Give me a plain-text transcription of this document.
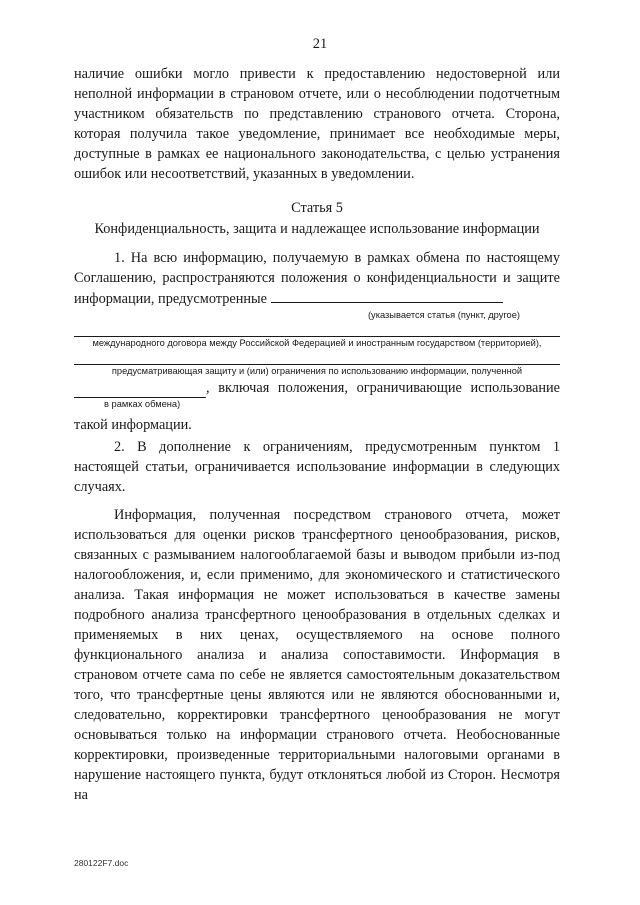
21

наличие ошибки могло привести к предоставлению недостоверной или неполной информации в страновом отчете, или о несоблюдении подотчетным участником обязательств по представлению странового отчета. Сторона, которая получила такое уведомление, принимает все необходимые меры, доступные в рамках ее национального законодательства, с целью устранения ошибок или несоответствий, указанных в уведомлении.

Статья 5
Конфиденциальность, защита и надлежащее использование информации

1. На всю информацию, получаемую в рамках обмена по настоящему Соглашению, распространяются положения о конфиденциальности и защите информации, предусмотренные

(указывается статья (пункт, другое)
международного договора между Российской Федерацией и иностранным государством (территорией),
предусматривающая защиту и (или) ограничения по использованию информации, полученной
, включая положения, ограничивающие использование
в рамках обмена)

такой информации.

2. В дополнение к ограничениям, предусмотренным пунктом 1 настоящей статьи, ограничивается использование информации в следующих случаях.

Информация, полученная посредством странового отчета, может использоваться для оценки рисков трансфертного ценообразования, рисков, связанных с размыванием налогооблагаемой базы и выводом прибыли из-под налогообложения, и, если применимо, для экономического и статистического анализа. Такая информация не может использоваться в качестве замены подробного анализа трансфертного ценообразования в отдельных сделках и применяемых в них ценах, осуществляемого на основе полного функционального анализа и анализа сопоставимости. Информация в страновом отчете сама по себе не является самостоятельным доказательством того, что трансфертные цены являются или не являются обоснованными и, следовательно, корректировки трансфертного ценообразования не могут основываться только на информации странового отчета. Необоснованные корректировки, произведенные территориальными налоговыми органами в нарушение настоящего пункта, будут отклоняться любой из Сторон. Несмотря на

280122F7.doc
